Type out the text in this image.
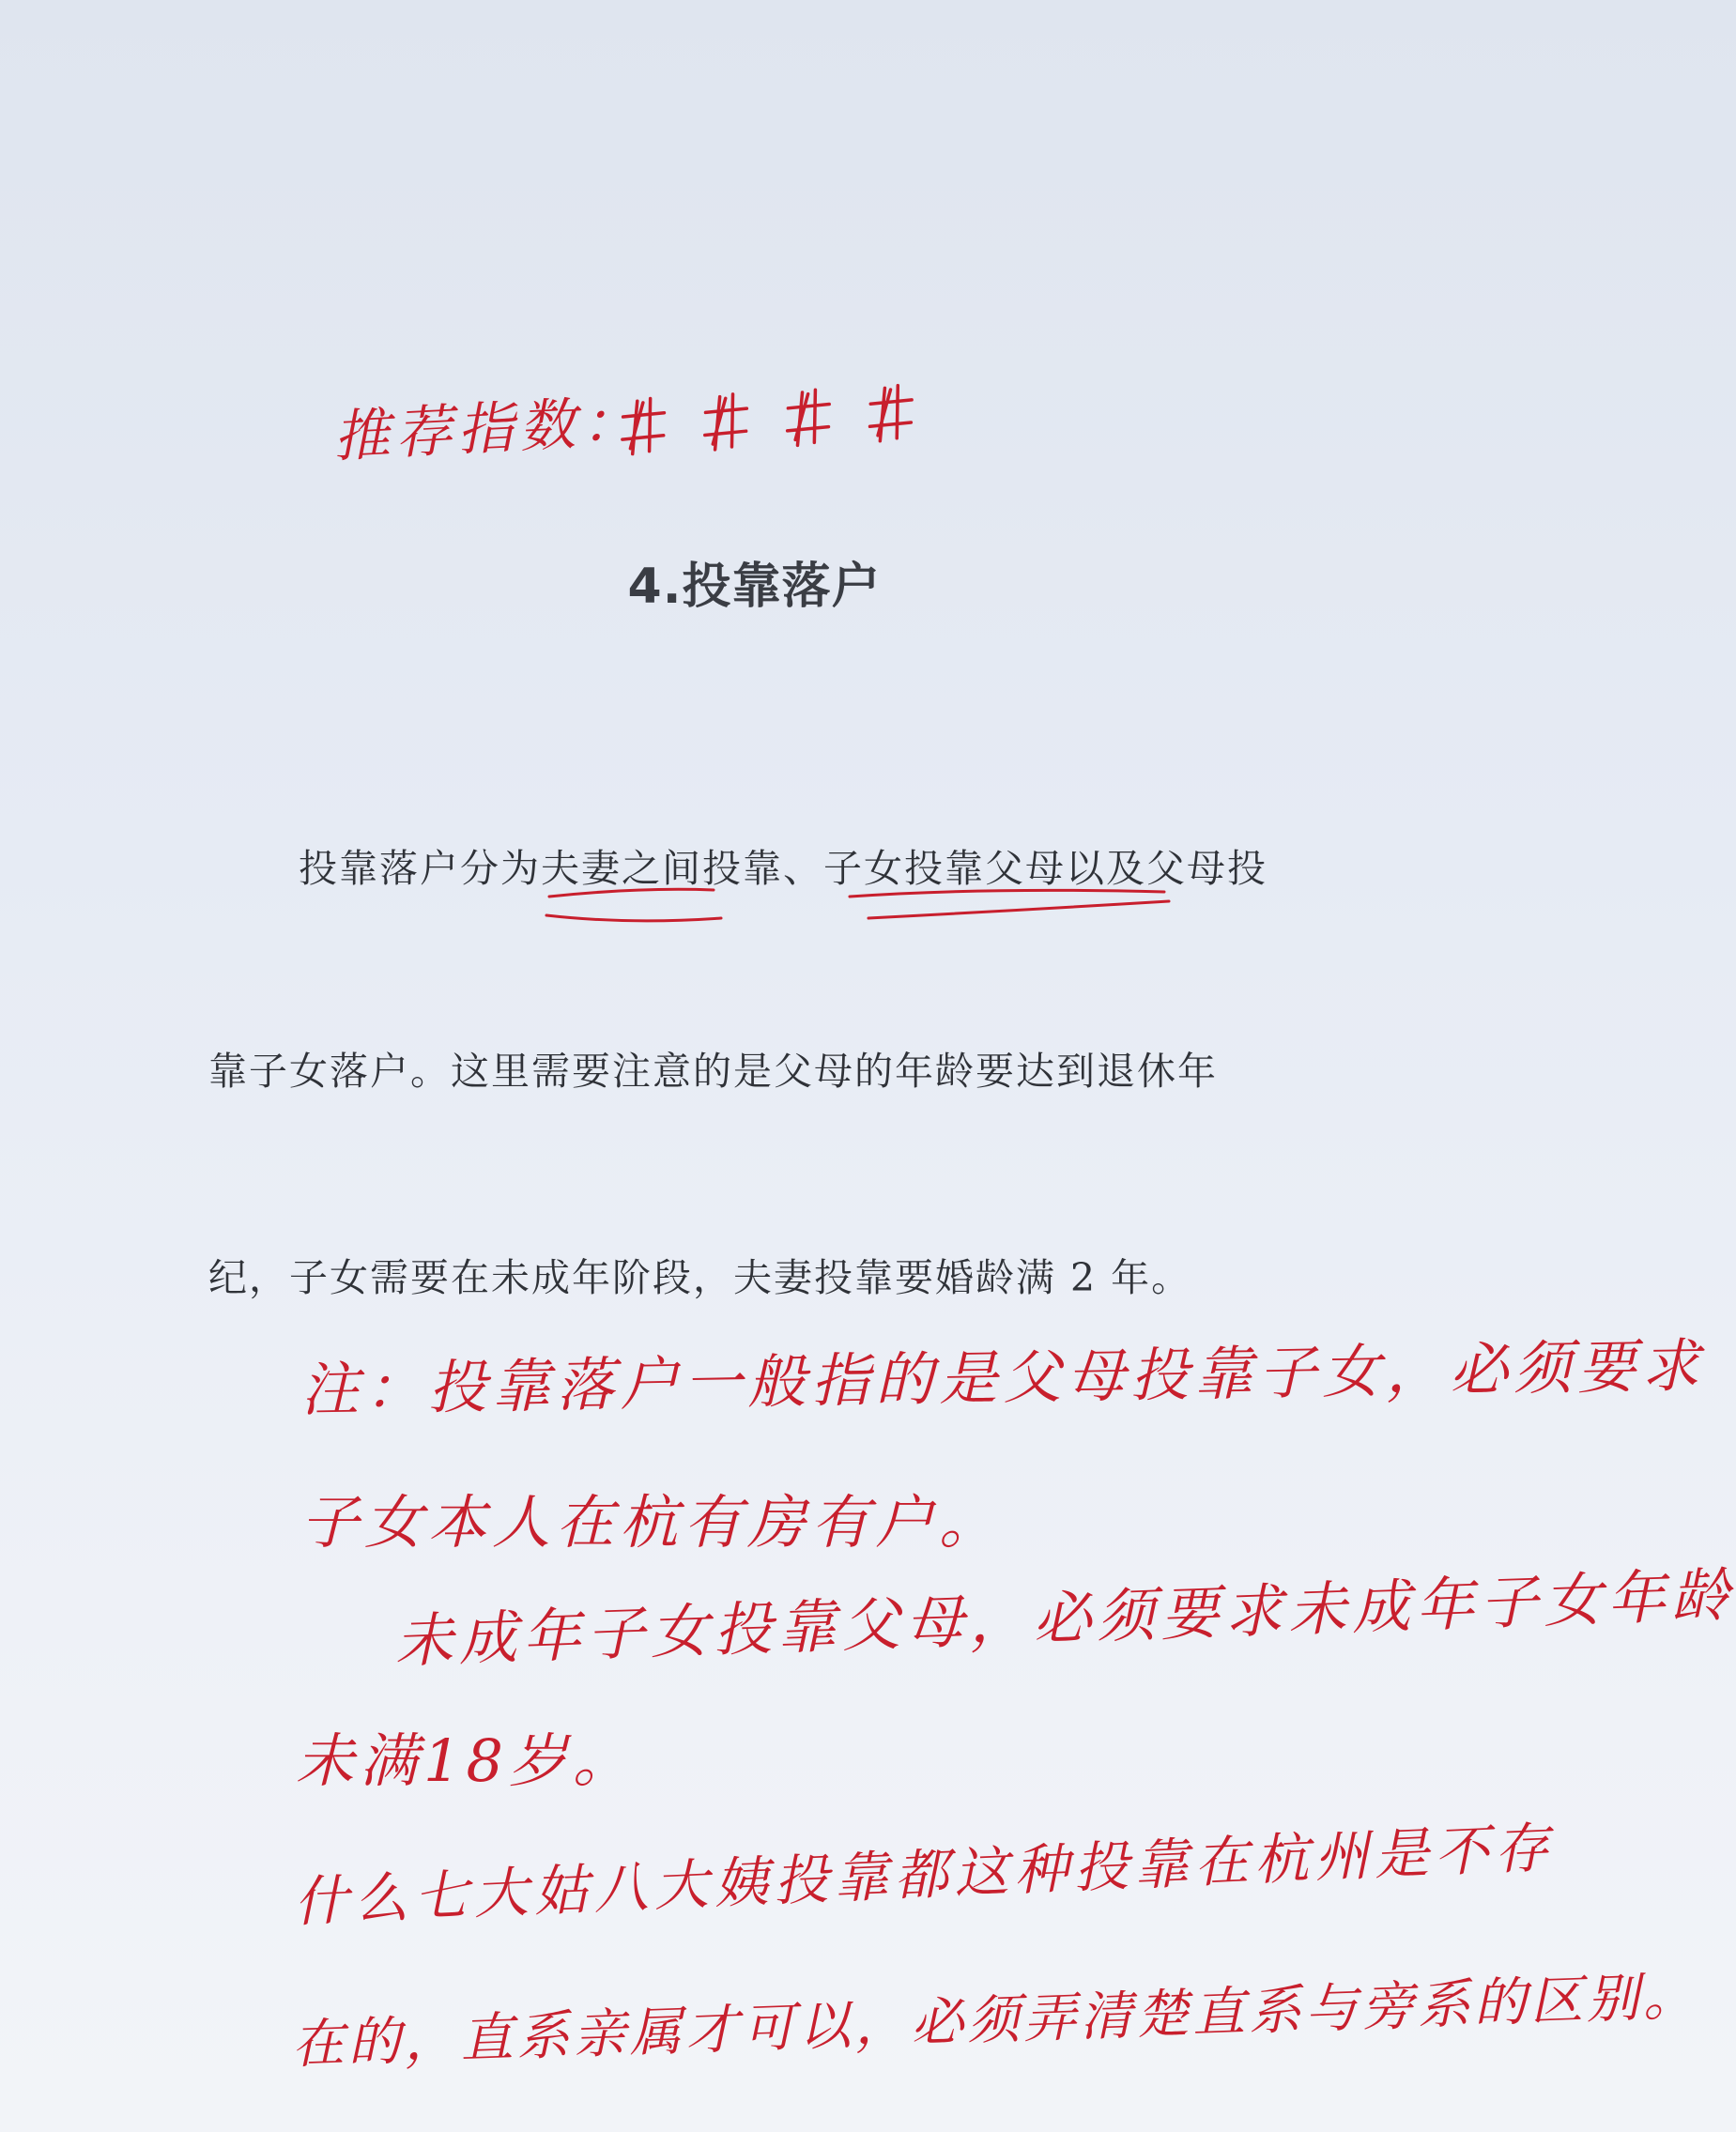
推荐指数：
4.投靠落户
投靠落户分为夫妻之间投靠、子女投靠父母以及父母投
靠子女落户。这里需要注意的是父母的年龄要达到退休年
纪，子女需要在未成年阶段，夫妻投靠要婚龄满 2 年。
注：投靠落户一般指的是父母投靠子女，必须要求
子女本人在杭有房有户。
未成年子女投靠父母，必须要求未成年子女年龄
未满18岁。
什么七大姑八大姨投靠都这种投靠在杭州是不存
在的，直系亲属才可以，必须弄清楚直系与旁系的区别。
